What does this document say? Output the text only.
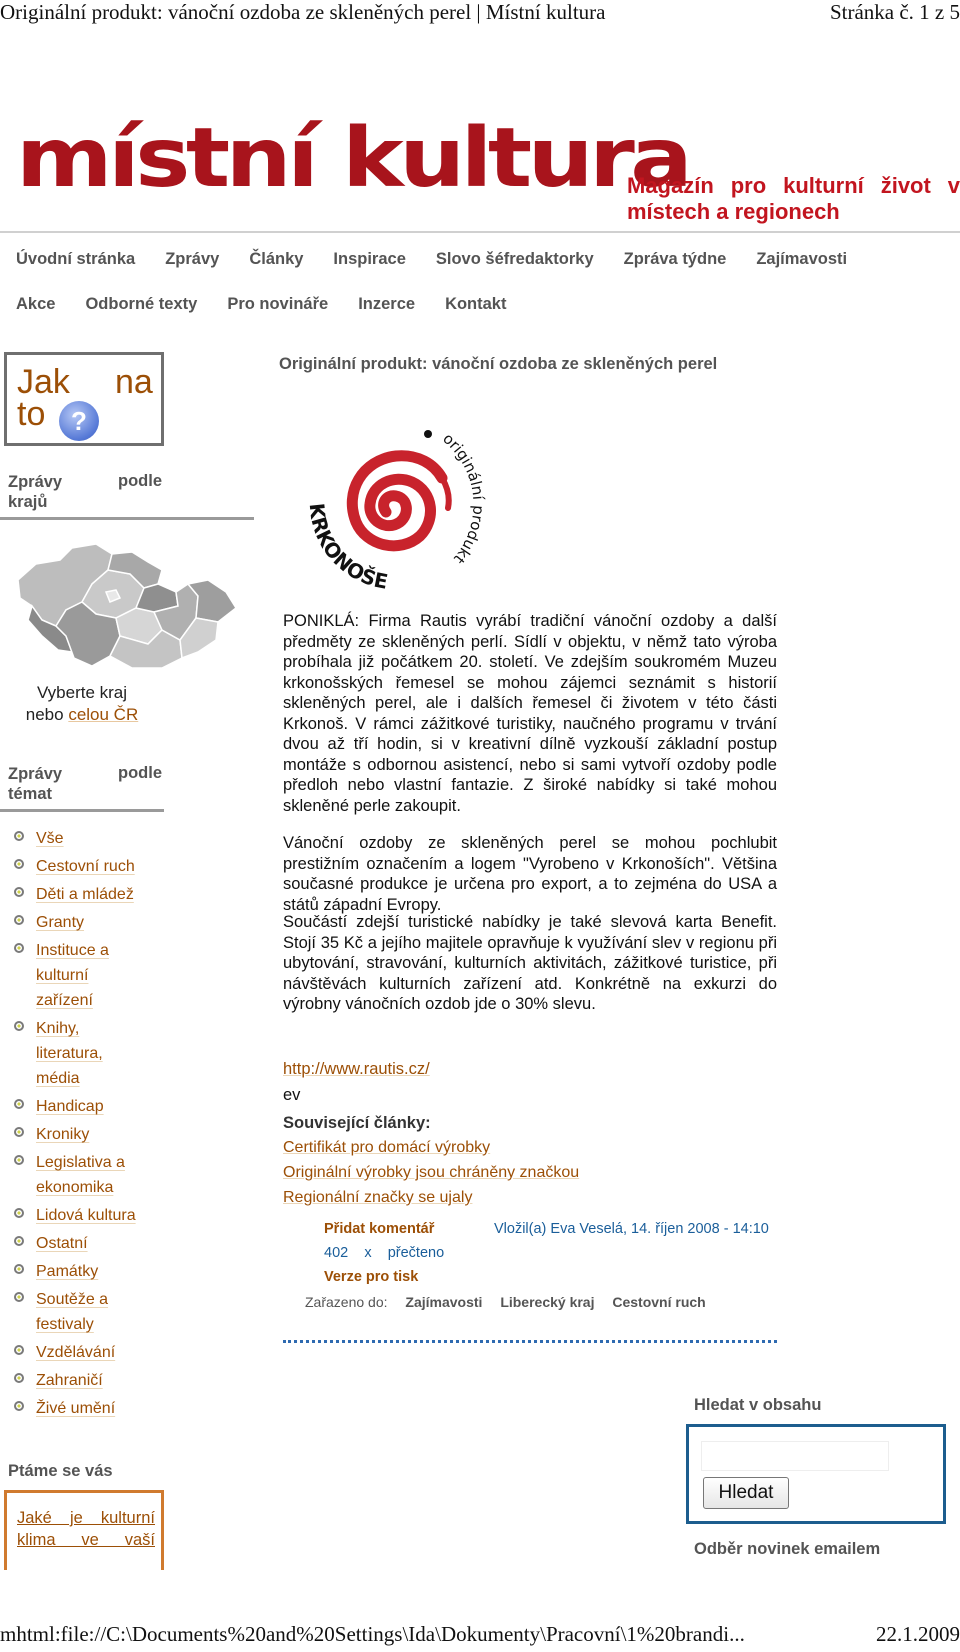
Originální produkt: vánoční ozdoba ze skleněných perel | Místní kultura	Stránka č. 1 z 5
místní kultura
Magazín pro kulturní život v místech a regionech
Úvodní stránka Zprávy Články Inspirace Slovo šéfredaktorky Zpráva týdne Zajímavosti
Akce Odborné texty Pro novináře Inzerce Kontakt
Jak na
to ?
Zprávy
krajů
podle
Vyberte kraj
nebo celou ČR
Zprávy
témat
podle
Vše
Cestovní ruch
Děti a mládež
Granty
Instituce a
kulturní
zařízení
Knihy,
literatura,
média
Handicap
Kroniky
Legislativa a
ekonomika
Lidová kultura
Ostatní
Památky
Soutěže a
festivaly
Vzdělávání
Zahraničí
Živé umění
Ptáme se vás
Jaké je kulturní klima ve vaší
Originální produkt: vánoční ozdoba ze skleněných perel
originální produkt
KRKONOŠE

PONIKLÁ: Firma Rautis vyrábí tradiční vánoční ozdoby a další předměty ze skleněných perlí. Sídlí v objektu, v němž tato výroba probíhala již počátkem 20. století. Ve zdejším soukromém Muzeu krkonošských řemesel se mohou zájemci seznámit s historií skleněných perel, ale i dalších řemesel či životem v této části Krkonoš. V rámci zážitkové turistiky, naučného programu v trvání dvou až tří hodin, si v kreativní dílně vyzkouší základní postup montáže s odbornou asistencí, nebo si sami vytvoří ozdoby podle předloh nebo vlastní fantazie. Z široké nabídky si také mohou skleněné perle zakoupit.

Vánoční ozdoby ze skleněných perel se mohou pochlubit prestižním označením a logem "Vyrobeno v Krkonoších". Většina současné produkce je určena pro export, a to zejména do USA a států západní Evropy.

Součástí zdejší turistické nabídky je také slevová karta Benefit. Stojí 35 Kč a jejího majitele opravňuje k využívání slev v regionu při ubytování, stravování, kulturních aktivitách, zážitkové turistice, při návštěvách kulturních zařízení atd. Konkrétně na exkurzi do výrobny vánočních ozdob jde o 30% slevu.

http://www.rautis.cz/
ev
Související články:
Certifikát pro domácí výrobky
Originální výrobky jsou chráněny značkou
Regionální značky se ujaly
Přidat komentář	Vložil(a) Eva Veselá, 14. říjen 2008 - 14:10
402 x přečteno
Verze pro tisk
Zařazeno do: Zajímavosti Liberecký kraj Cestovní ruch
Hledat v obsahu
Hledat
Odběr novinek emailem
mhtml:file://C:\Documents%20and%20Settings\Ida\Dokumenty\Pracovní\1%20brandi...	22.1.2009
